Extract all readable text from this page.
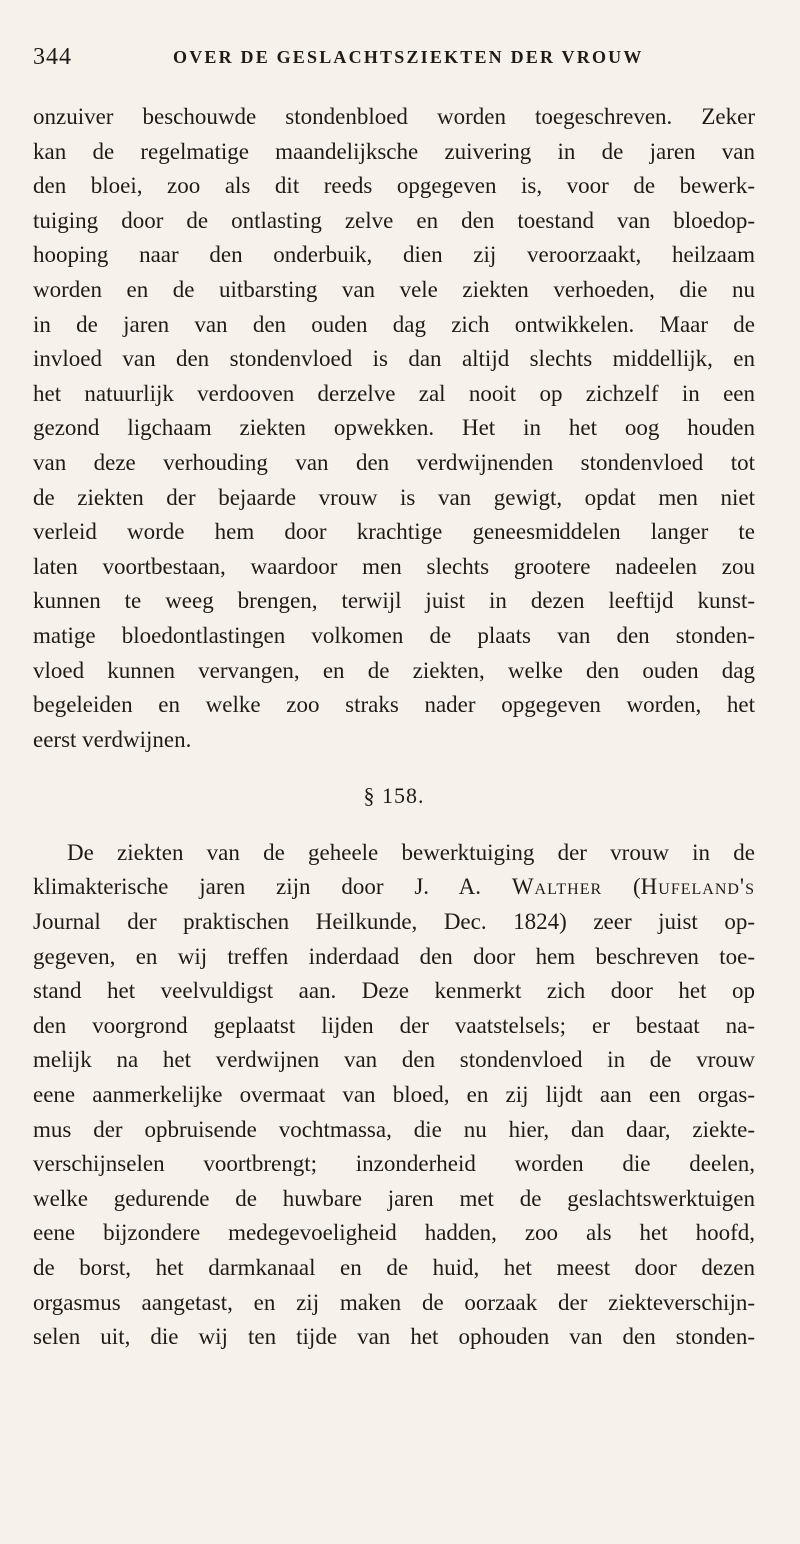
344	OVER DE GESLACHTSZIEKTEN DER VROUW
onzuiver beschouwde stondenbloed worden toegeschreven. Zeker
kan de regelmatige maandelijksche zuivering in de jaren van
den bloei, zoo als dit reeds opgegeven is, voor de bewerk-
tuiging door de ontlasting zelve en den toestand van bloedop-
hooping naar den onderbuik, dien zij veroorzaakt, heilzaam
worden en de uitbarsting van vele ziekten verhoeden, die nu
in de jaren van den ouden dag zich ontwikkelen. Maar de
invloed van den stondenvloed is dan altijd slechts middellijk, en
het natuurlijk verdooven derzelve zal nooit op zichzelf in een
gezond ligchaam ziekten opwekken. Het in het oog houden
van deze verhouding van den verdwijnenden stondenvloed tot
de ziekten der bejaarde vrouw is van gewigt, opdat men niet
verleid worde hem door krachtige geneesmiddelen langer te
laten voortbestaan, waardoor men slechts grootere nadeelen zou
kunnen te weeg brengen, terwijl juist in dezen leeftijd kunst-
matige bloedontlastingen volkomen de plaats van den stonden-
vloed kunnen vervangen, en de ziekten, welke den ouden dag
begeleiden en welke zoo straks nader opgegeven worden, het
eerst verdwijnen.
§ 158.
De ziekten van de geheele bewerktuiging der vrouw in de
klimakterische jaren zijn door J. A. Walther (Hufeland's
Journal der praktischen Heilkunde, Dec. 1824) zeer juist op-
gegeven, en wij treffen inderdaad den door hem beschreven toe-
stand het veelvuldigst aan. Deze kenmerkt zich door het op
den voorgrond geplaatst lijden der vaatstelsels; er bestaat na-
melijk na het verdwijnen van den stondenvloed in de vrouw
eene aanmerkelijke overmaat van bloed, en zij lijdt aan een orgas-
mus der opbruisende vochtmassa, die nu hier, dan daar, ziekte-
verschijnselen voortbrengt; inzonderheid worden die deelen,
welke gedurende de huwbare jaren met de geslachtswerktuigen
eene bijzondere medegevoeligheid hadden, zoo als het hoofd,
de borst, het darmkanaal en de huid, het meest door dezen
orgasmus aangetast, en zij maken de oorzaak der ziekteverschijn-
selen uit, die wij ten tijde van het ophouden van den stonden-
